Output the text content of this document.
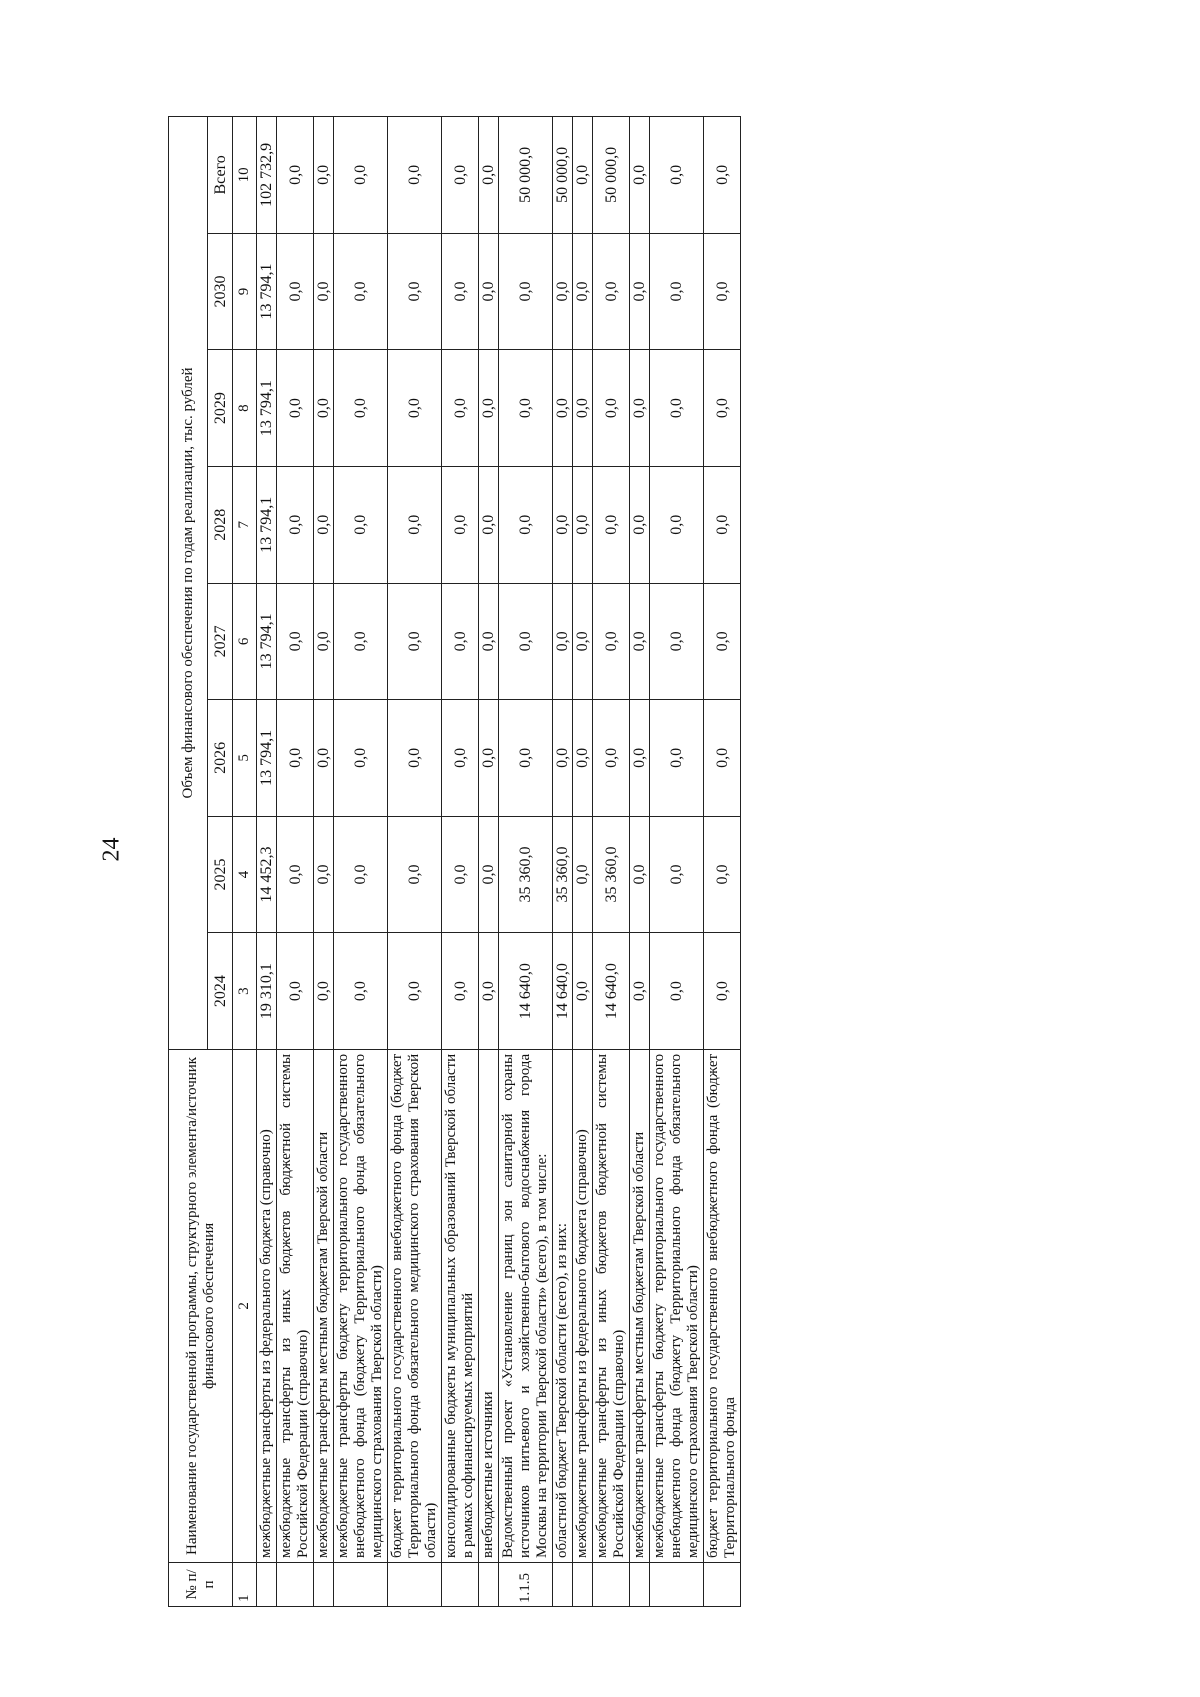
24
№ п/п	Наименование государственной программы, структурного элемента/источник финансового обеспечения	Объем финансового обеспечения по годам реализации, тыс. рублей							
		2024	2025	2026	2027	2028	2029	2030	Всего
1	2	3	4	5	6	7	8	9	10
	межбюджетные трансферты из федерального бюджета (справочно)	19 310,1	14 452,3	13 794,1	13 794,1	13 794,1	13 794,1	13 794,1	102 732,9
	межбюджетные трансферты из иных бюджетов бюджетной системы Российской Федерации (справочно)	0,0	0,0	0,0	0,0	0,0	0,0	0,0	0,0
	межбюджетные трансферты местным бюджетам Тверской области	0,0	0,0	0,0	0,0	0,0	0,0	0,0	0,0
	межбюджетные трансферты бюджету территориального государственного внебюджетного фонда (бюджету Территориального фонда обязательного медицинского страхования Тверской области)	0,0	0,0	0,0	0,0	0,0	0,0	0,0	0,0
	бюджет территориального государственного внебюджетного фонда (бюджет Территориального фонда обязательного медицинского страхования Тверской области)	0,0	0,0	0,0	0,0	0,0	0,0	0,0	0,0
	консолидированные бюджеты муниципальных образований Тверской области в рамках софинансируемых мероприятий	0,0	0,0	0,0	0,0	0,0	0,0	0,0	0,0
	внебюджетные источники	0,0	0,0	0,0	0,0	0,0	0,0	0,0	0,0
1.1.5	Ведомственный проект «Установление границ зон санитарной охраны источников питьевого и хозяйственно-бытового водоснабжения города Москвы на территории Тверской области» (всего), в том числе:	14 640,0	35 360,0	0,0	0,0	0,0	0,0	0,0	50 000,0
	областной бюджет Тверской области (всего), из них:	14 640,0	35 360,0	0,0	0,0	0,0	0,0	0,0	50 000,0
	межбюджетные трансферты из федерального бюджета (справочно)	0,0	0,0	0,0	0,0	0,0	0,0	0,0	0,0
	межбюджетные трансферты из иных бюджетов бюджетной системы Российской Федерации (справочно)	14 640,0	35 360,0	0,0	0,0	0,0	0,0	0,0	50 000,0
	межбюджетные трансферты местным бюджетам Тверской области	0,0	0,0	0,0	0,0	0,0	0,0	0,0	0,0
	межбюджетные трансферты бюджету территориального государственного внебюджетного фонда (бюджету Территориального фонда обязательного медицинского страхования Тверской области)	0,0	0,0	0,0	0,0	0,0	0,0	0,0	0,0
	бюджет территориального государственного внебюджетного фонда (бюджет Территориального фонда	0,0	0,0	0,0	0,0	0,0	0,0	0,0	0,0
